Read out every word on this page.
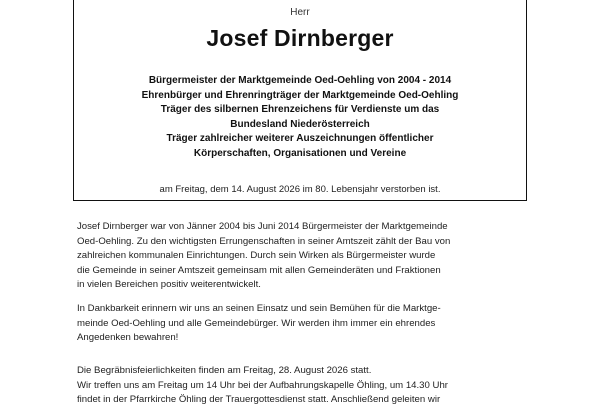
Herr
Josef Dirnberger
Bürgermeister der Marktgemeinde Oed-Oehling von 2004 - 2014
Ehrenbürger und Ehrenringträger der Marktgemeinde Oed-Oehling
Träger des silbernen Ehrenzeichens für Verdienste um das
Bundesland Niederösterreich
Träger zahlreicher weiterer Auszeichnungen öffentlicher
Körperschaften, Organisationen und Vereine
am Freitag, dem 14. August 2026 im 80. Lebensjahr verstorben ist.
Josef Dirnberger war von Jänner 2004 bis Juni 2014 Bürgermeister der Marktgemeinde
Oed-Oehling. Zu den wichtigsten Errungenschaften in seiner Amtszeit zählt der Bau von
zahlreichen kommunalen Einrichtungen. Durch sein Wirken als Bürgermeister wurde
die Gemeinde in seiner Amtszeit gemeinsam mit allen Gemeinderäten und Fraktionen
in vielen Bereichen positiv weiterentwickelt.
In Dankbarkeit erinnern wir uns an seinen Einsatz und sein Bemühen für die Marktge-
meinde Oed-Oehling und alle Gemeindebürger. Wir werden ihm immer ein ehrendes
Angedenken bewahren!
Die Begräbnisfeierlichkeiten finden am Freitag, 28. August 2026 statt.
Wir treffen uns am Freitag um 14 Uhr bei der Aufbahrungskapelle Öhling, um 14.30 Uhr
findet in der Pfarrkirche Öhling der Trauergottesdienst statt. Anschließend geleiten wir
